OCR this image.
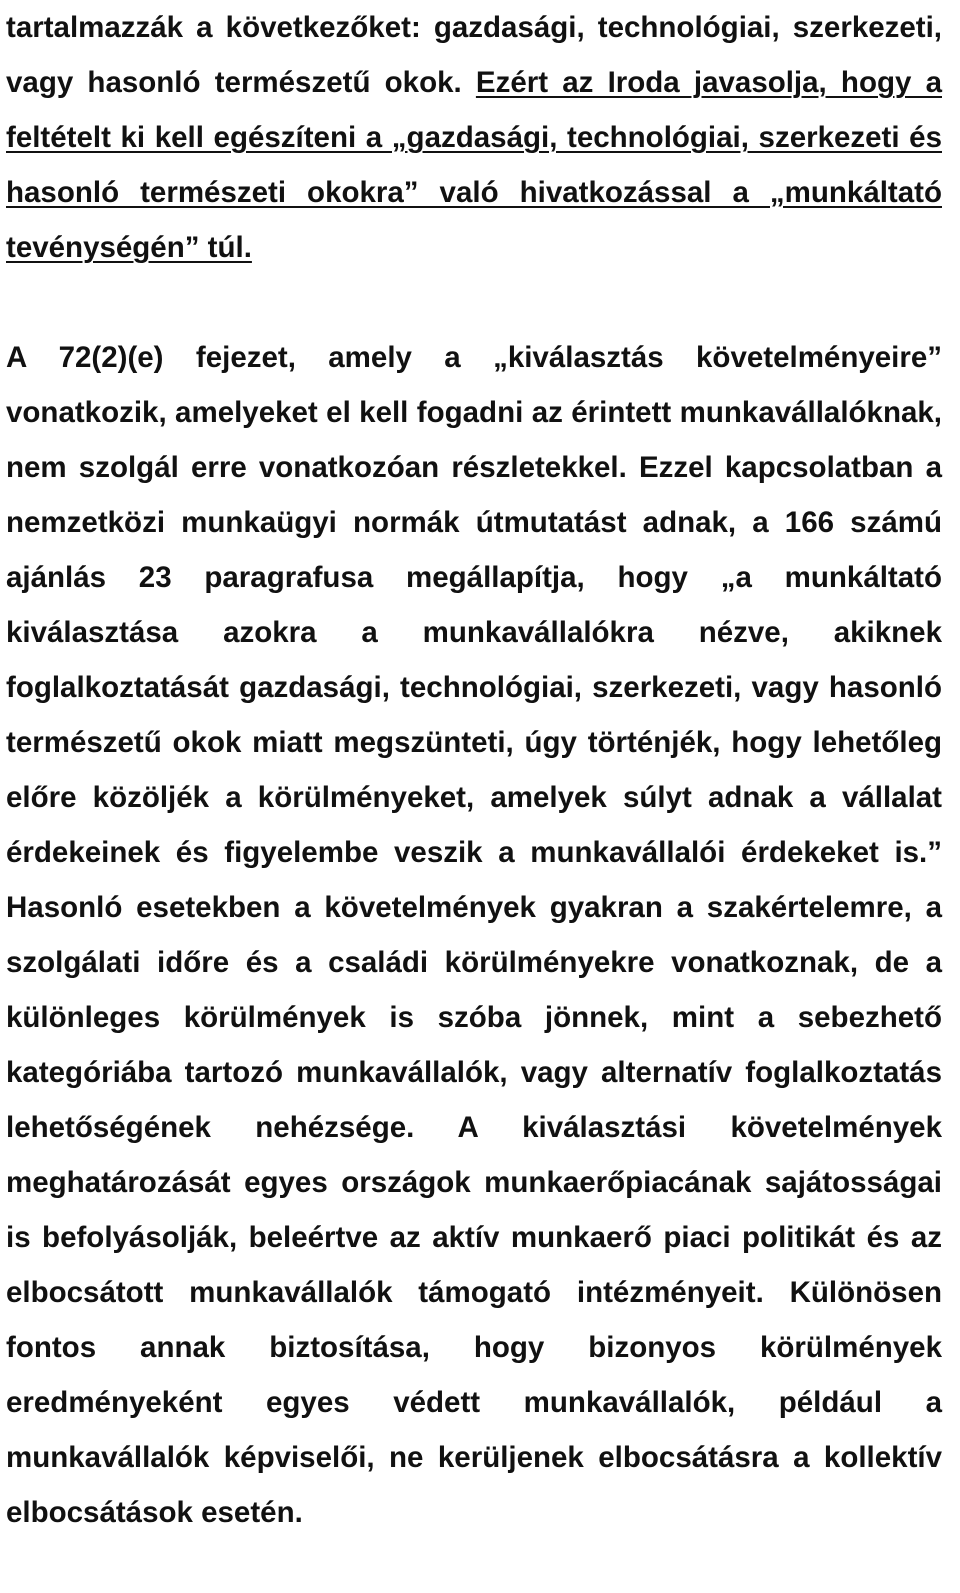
tartalmazzák a következőket: gazdasági, technológiai, szerkezeti, vagy hasonló természetű okok. Ezért az Iroda javasolja, hogy a feltételt ki kell egészíteni a „gazdasági, technológiai, szerkezeti és hasonló természeti okokra” való hivatkozással a „munkáltató tevénységén” túl.

A 72(2)(e) fejezet, amely a „kiválasztás követelményeire” vonatkozik, amelyeket el kell fogadni az érintett munkavállalóknak, nem szolgál erre vonatkozóan részletekkel. Ezzel kapcsolatban a nemzetközi munkaügyi normák útmutatást adnak, a 166 számú ajánlás 23 paragrafusa megállapítja, hogy „a munkáltató kiválasztása azokra a munkavállalókra nézve, akiknek foglalkoztatását gazdasági, technológiai, szerkezeti, vagy hasonló természetű okok miatt megszünteti, úgy történjék, hogy lehetőleg előre közöljék a körülményeket, amelyek súlyt adnak a vállalat érdekeinek és figyelembe veszik a munkavállalói érdekeket is.” Hasonló esetekben a követelmények gyakran a szakértelemre, a szolgálati időre és a családi körülményekre vonatkoznak, de a különleges körülmények is szóba jönnek, mint a sebezhető kategóriába tartozó munkavállalók, vagy alternatív foglalkoztatás lehetőségének nehézsége. A kiválasztási követelmények meghatározását egyes országok munkaerőpiacának sajátosságai is befolyásolják, beleértve az aktív munkaerő piaci politikát és az elbocsátott munkavállalók támogató intézményeit. Különösen fontos annak biztosítása, hogy bizonyos körülmények eredményeként egyes védett munkavállalók, például a munkavállalók képviselői, ne kerüljenek elbocsátásra a kollektív elbocsátások esetén.
